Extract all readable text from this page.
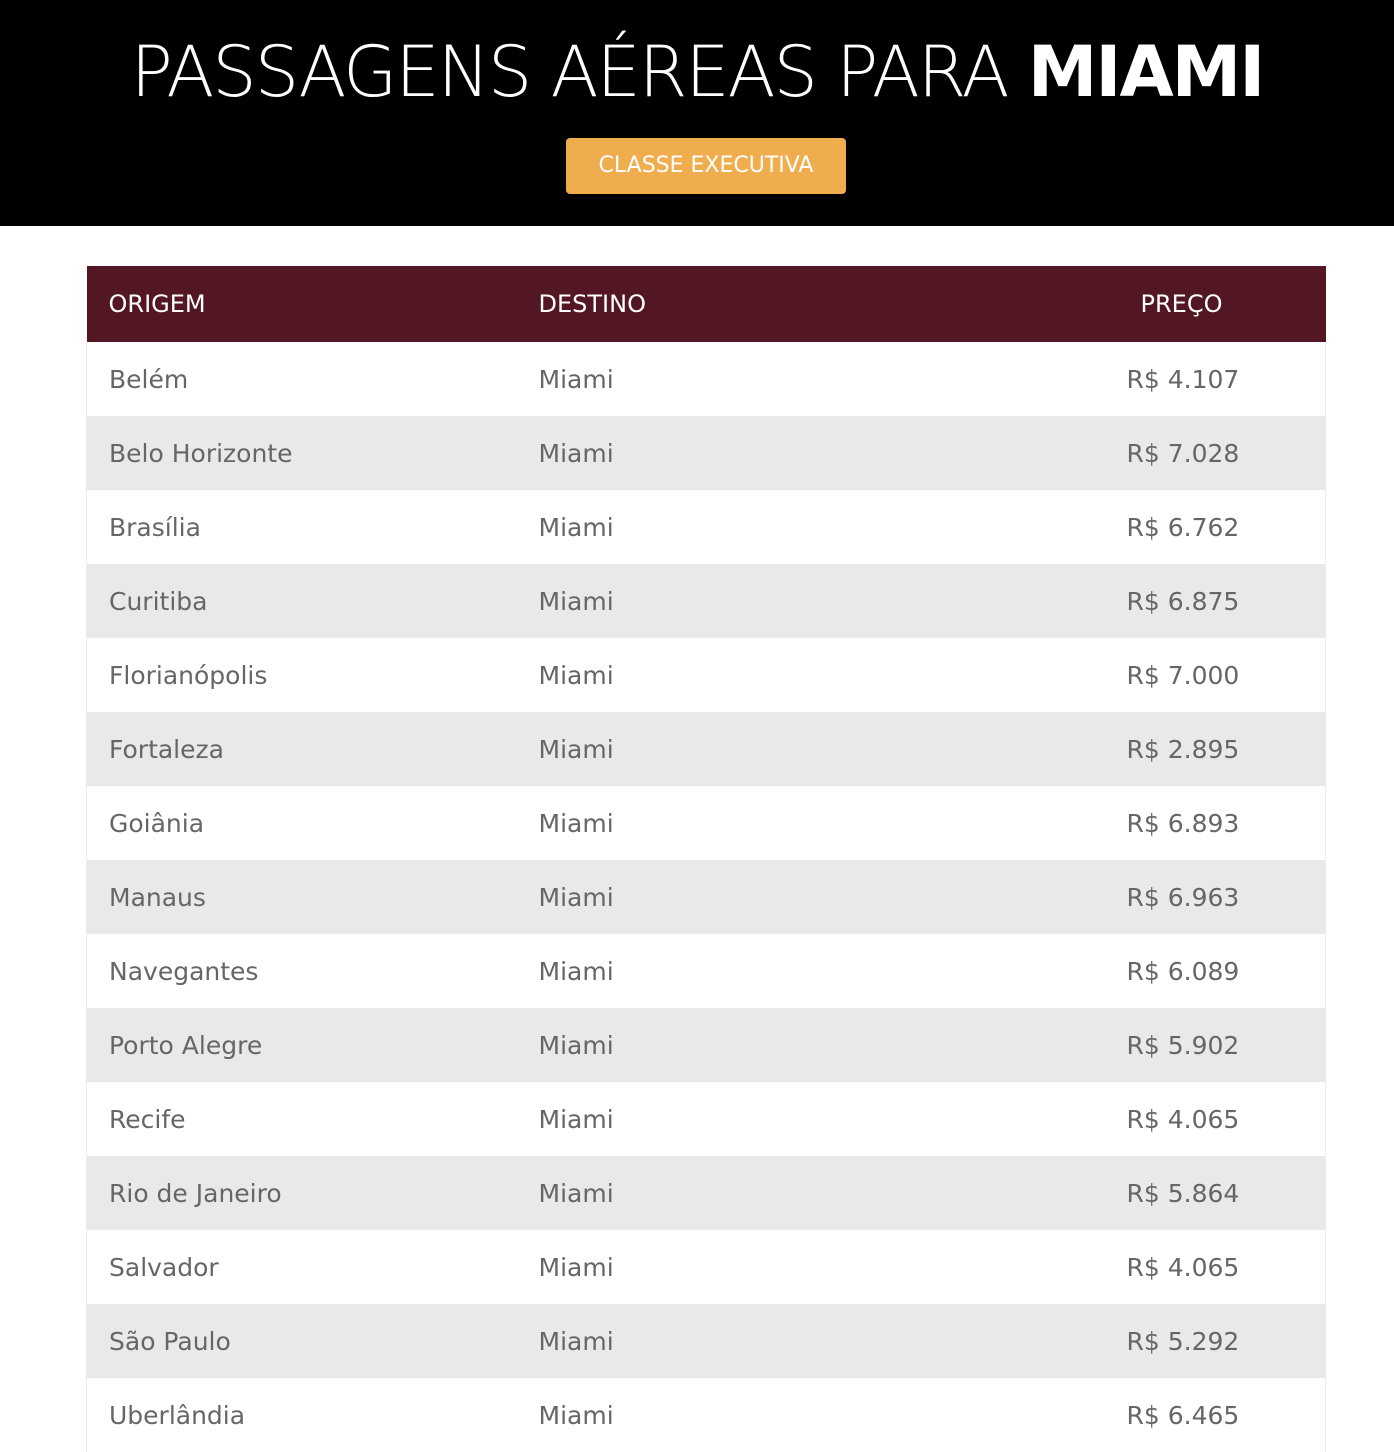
PASSAGENS AÉREAS PARA MIAMI
CLASSE EXECUTIVA
ORIGEM	DESTINO	PREÇO
Belém	Miami	R$ 4.107
Belo Horizonte	Miami	R$ 7.028
Brasília	Miami	R$ 6.762
Curitiba	Miami	R$ 6.875
Florianópolis	Miami	R$ 7.000
Fortaleza	Miami	R$ 2.895
Goiânia	Miami	R$ 6.893
Manaus	Miami	R$ 6.963
Navegantes	Miami	R$ 6.089
Porto Alegre	Miami	R$ 5.902
Recife	Miami	R$ 4.065
Rio de Janeiro	Miami	R$ 5.864
Salvador	Miami	R$ 4.065
São Paulo	Miami	R$ 5.292
Uberlândia	Miami	R$ 6.465
